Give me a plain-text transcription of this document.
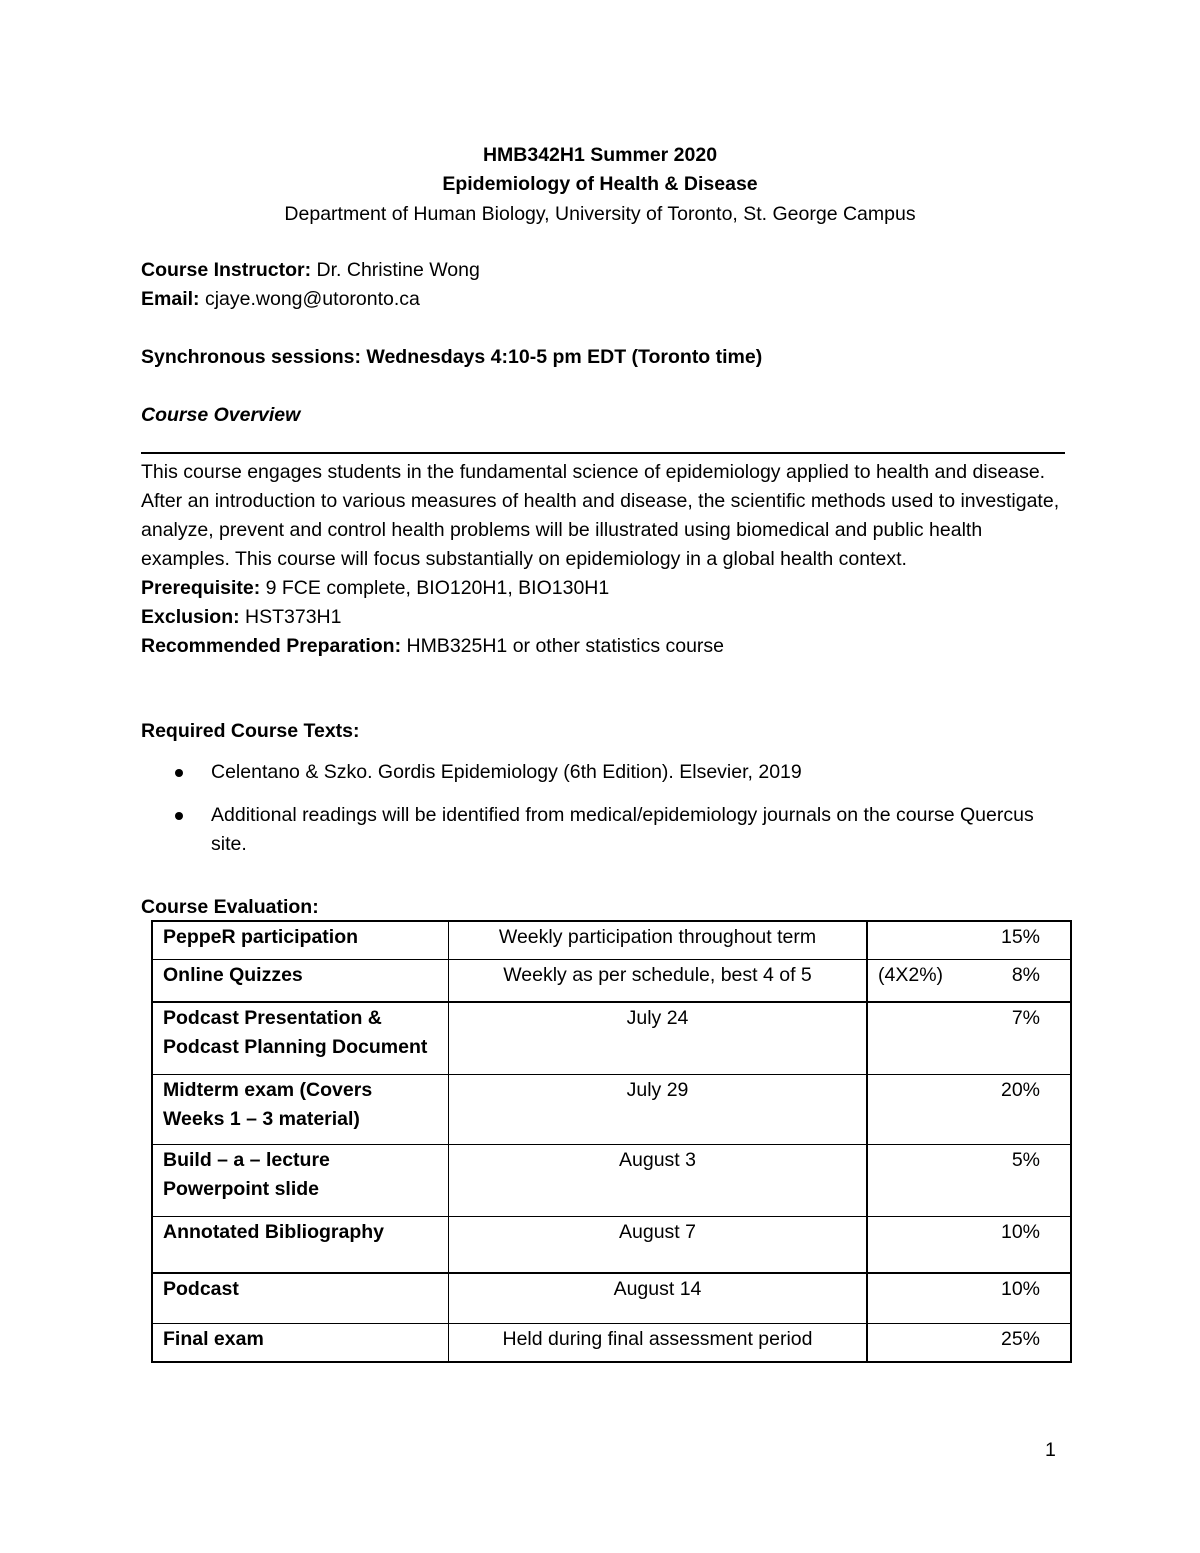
HMB342H1 Summer 2020
Epidemiology of Health & Disease
Department of Human Biology, University of Toronto, St. George Campus
Course Instructor: Dr. Christine Wong
Email: cjaye.wong@utoronto.ca
Synchronous sessions: Wednesdays 4:10-5 pm EDT (Toronto time)
Course Overview

This course engages students in the fundamental science of epidemiology applied to health and disease. After an introduction to various measures of health and disease, the scientific methods used to investigate, analyze, prevent and control health problems will be illustrated using biomedical and public health examples. This course will focus substantially on epidemiology in a global health context.

Prerequisite: 9 FCE complete, BIO120H1, BIO130H1

Exclusion: HST373H1

Recommended Preparation: HMB325H1 or other statistics course

Required Course Texts:
Celentano & Szko. Gordis Epidemiology (6th Edition). Elsevier, 2019
Additional readings will be identified from medical/epidemiology journals on the course Quercus site.
Course Evaluation:
PeppeR participation	Weekly participation throughout term	15%
Online Quizzes	Weekly as per schedule, best 4 of 5	(4X2%) 8%

Podcast Presentation & Podcast Planning Document	July 24	7%
Midterm exam (Covers Weeks 1 – 3 material)	July 29	20%
Build – a – lecture Powerpoint slide	August 3	5%
Annotated Bibliography	August 7	10%
Podcast	August 14	10%
Final exam	Held during final assessment period	25%
1
